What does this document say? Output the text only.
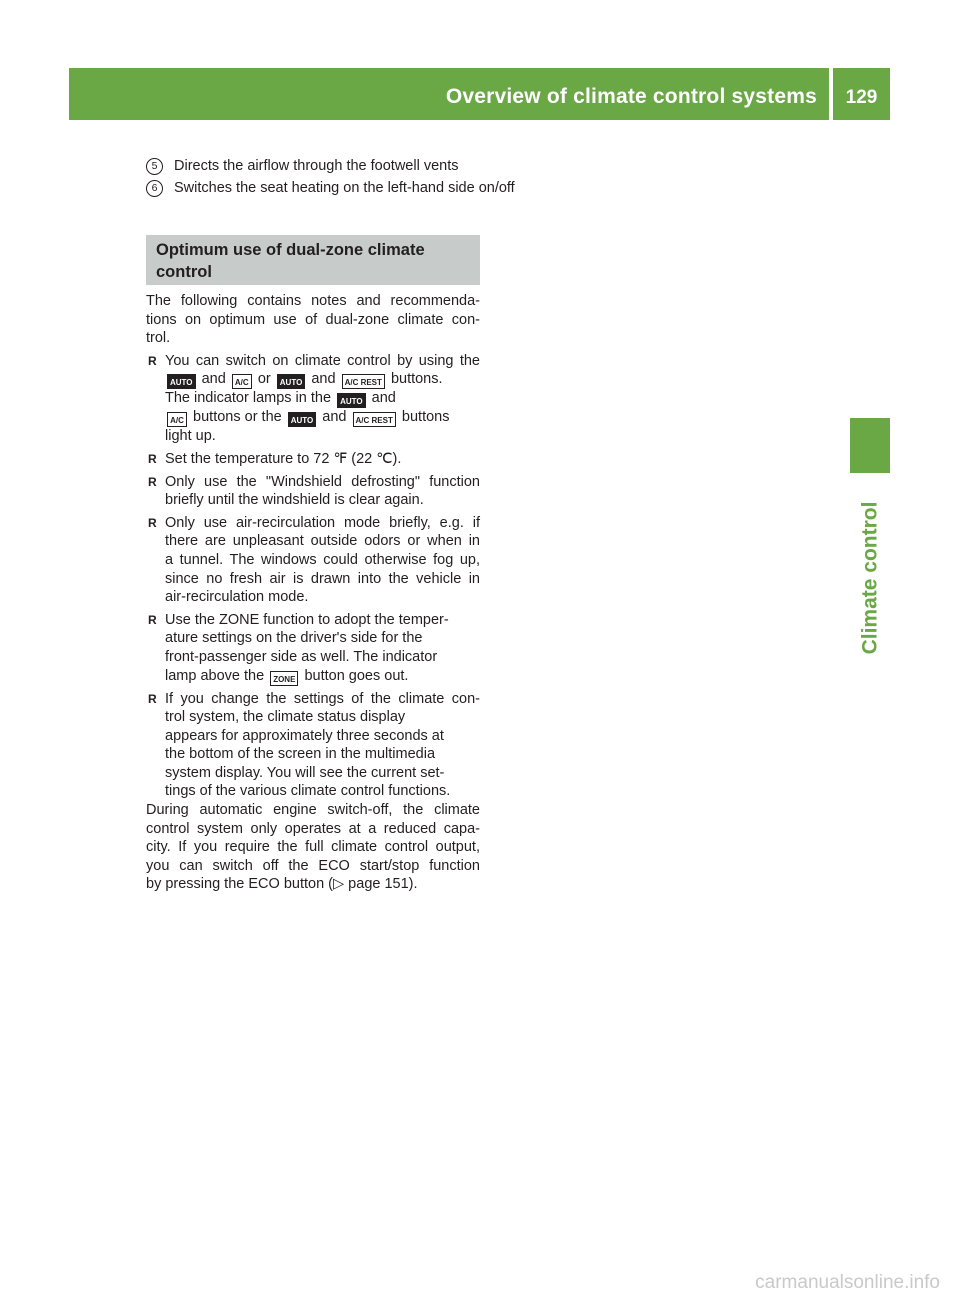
Overview of climate control systems	129
Climate control
5	Directs the airflow through the footwell vents
6	Switches the seat heating on the left-hand side on/off
Optimum use of dual-zone climate
control
The following contains notes and recommenda-
tions on optimum use of dual-zone climate con-
trol.
R You can switch on climate control by using the
AUTO and A/C or AUTO and A/C REST buttons.
The indicator lamps in the AUTO and
A/C buttons or the AUTO and A/C REST buttons
light up.
R Set the temperature to 72 ℉ (22 ℃).
R Only use the "Windshield defrosting" function
briefly until the windshield is clear again.
R Only use air-recirculation mode briefly, e.g. if
there are unpleasant outside odors or when in
a tunnel. The windows could otherwise fog up,
since no fresh air is drawn into the vehicle in
air-recirculation mode.
R Use the ZONE function to adopt the temper-
ature settings on the driver's side for the
front-passenger side as well. The indicator
lamp above the ZONE button goes out.
R If you change the settings of the climate con-
trol system, the climate status display
appears for approximately three seconds at
the bottom of the screen in the multimedia
system display. You will see the current set-
tings of the various climate control functions.
During automatic engine switch-off, the climate
control system only operates at a reduced capa-
city. If you require the full climate control output,
you can switch off the ECO start/stop function
by pressing the ECO button (▷ page 151).
carmanualsonline.info
